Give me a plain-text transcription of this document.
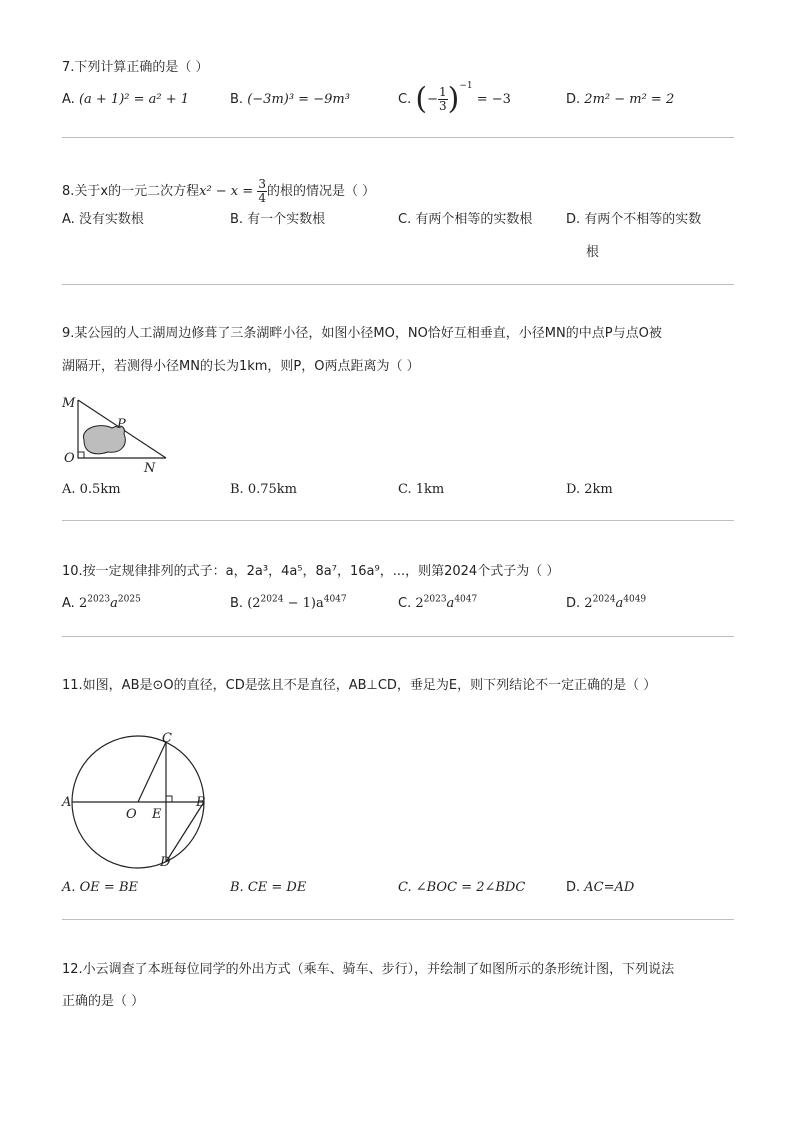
7.下列计算正确的是（ ）
A. (a + 1)² = a² + 1	B. (−3m)³ = −9m³	C. (− $\frac{1}{3} )^{-1} = -3$	D. 2m² − m² = 2
8.关于x的一元二次方程$x^2 - x = \frac{3}{4}$ 的根的情况是（ ）
A. 没有实数根	B. 有一个实数根	C. 有两个相等的实数根	D. 有两个不相等的实数
根
9.某公园的人工湖周边修葺了三条湖畔小径，如图小径MO，NO恰好互相垂直，小径MN的中点P与点O被
湖隔开，若测得小径MN的长为1km，则P，O两点距离为（ ）
M
P
O
N
A. 0.5km	B. 0.75km	C. 1km	D. 2km
10.按一定规律排列的式子：a，2a³，4a⁵，8a⁷，16a⁹，...，则第2024个式子为（ ）
A. $2^{2023}a^{2025}$	B. $(2^{2024} - 1)a^{4047}$	C. $2^{2023}a^{4047}$	D. $2^{2024}a^{4049}$
11.如图，AB是⊙O的直径，CD是弦且不是直径，AB⊥CD，垂足为E，则下列结论不一定正确的是（ ）
A	B
C
D
O E
A. OE = BE	B. CE = DE	C. ∠BOC = 2∠BDC	D. AC=AD
12.小云调查了本班每位同学的外出方式（乘车、骑车、步行），并绘制了如图所示的条形统计图，下列说法
正确的是（ ）
